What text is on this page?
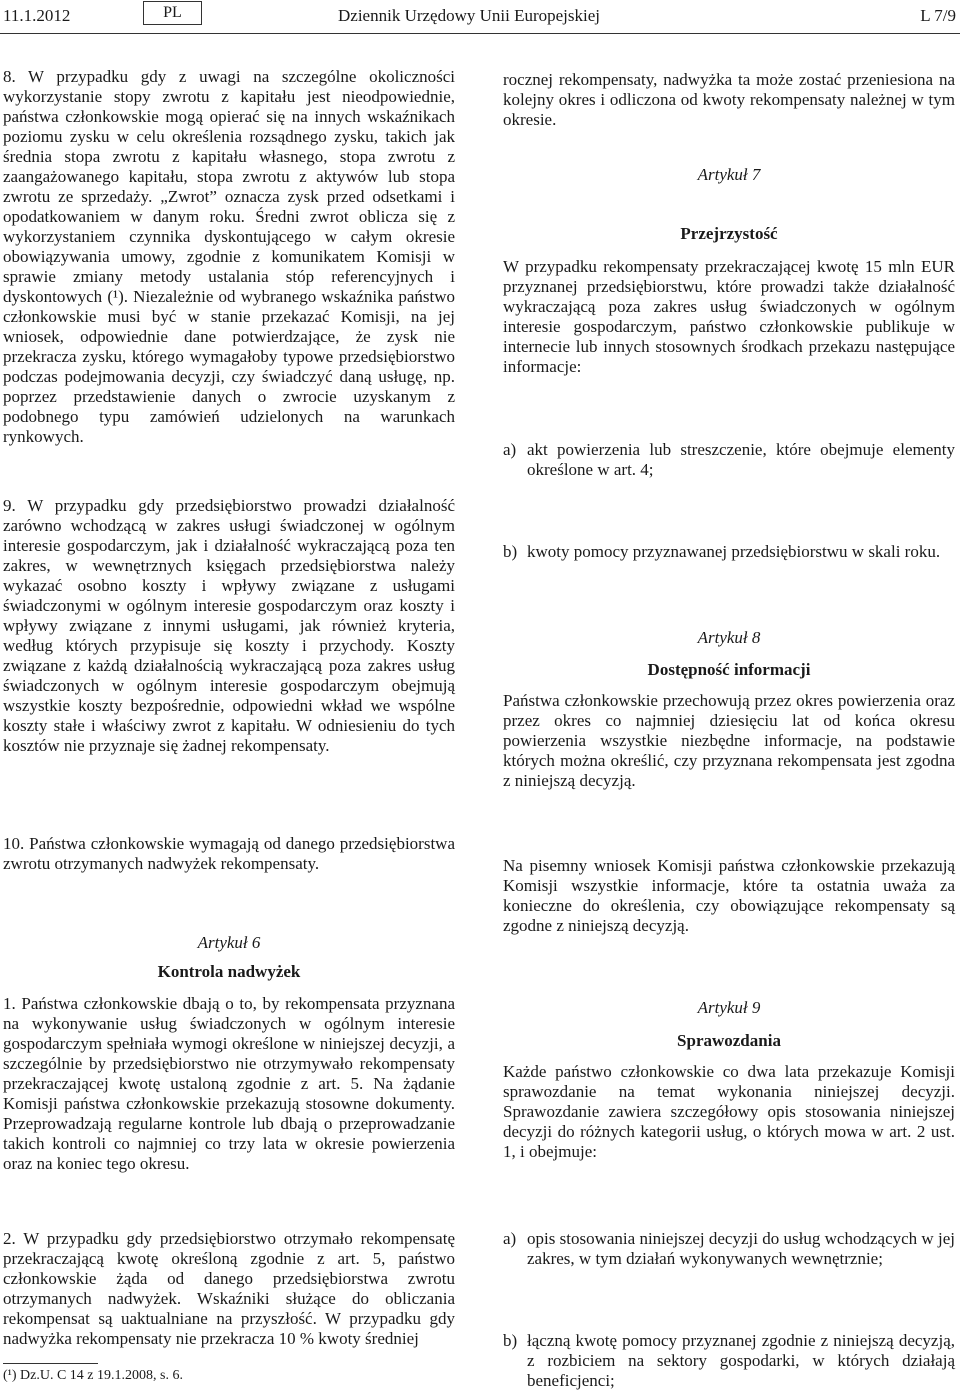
11.1.2012	PL	Dziennik Urzędowy Unii Europejskiej	L 7/9
8. W przypadku gdy z uwagi na szczególne okoliczności wykorzystanie stopy zwrotu z kapitału jest nieodpowiednie, państwa członkowskie mogą opierać się na innych wskaźnikach poziomu zysku w celu określenia rozsądnego zysku, takich jak średnia stopa zwrotu z kapitału własnego, stopa zwrotu z zaangażowanego kapitału, stopa zwrotu z aktywów lub stopa zwrotu ze sprzedaży. „Zwrot” oznacza zysk przed odsetkami i opodatkowaniem w danym roku. Średni zwrot oblicza się z wykorzystaniem czynnika dyskontującego w całym okresie obowiązywania umowy, zgodnie z komunikatem Komisji w sprawie zmiany metody ustalania stóp referencyjnych i dyskontowych (¹). Niezależnie od wybranego wskaźnika państwo członkowskie musi być w stanie przekazać Komisji, na jej wniosek, odpowiednie dane potwierdzające, że zysk nie przekracza zysku, którego wymagałoby typowe przedsiębiorstwo podczas podejmowania decyzji, czy świadczyć daną usługę, np. poprzez przedstawienie danych o zwrocie uzyskanym z podobnego typu zamówień udzielonych na warunkach rynkowych.
9. W przypadku gdy przedsiębiorstwo prowadzi działalność zarówno wchodzącą w zakres usługi świadczonej w ogólnym interesie gospodarczym, jak i działalność wykraczającą poza ten zakres, w wewnętrznych księgach przedsiębiorstwa należy wykazać osobno koszty i wpływy związane z usługami świadczonymi w ogólnym interesie gospodarczym oraz koszty i wpływy związane z innymi usługami, jak również kryteria, według których przypisuje się koszty i przychody. Koszty związane z każdą działalnością wykraczającą poza zakres usług świadczonych w ogólnym interesie gospodarczym obejmują wszystkie koszty bezpośrednie, odpowiedni wkład we wspólne koszty stałe i właściwy zwrot z kapitału. W odniesieniu do tych kosztów nie przyznaje się żadnej rekompensaty.
10. Państwa członkowskie wymagają od danego przedsiębiorstwa zwrotu otrzymanych nadwyżek rekompensaty.
Artykuł 6
Kontrola nadwyżek
1. Państwa członkowskie dbają o to, by rekompensata przyznana na wykonywanie usług świadczonych w ogólnym interesie gospodarczym spełniała wymogi określone w niniejszej decyzji, a szczególnie by przedsiębiorstwo nie otrzymywało rekompensaty przekraczającej kwotę ustaloną zgodnie z art. 5. Na żądanie Komisji państwa członkowskie przekazują stosowne dokumenty. Przeprowadzają regularne kontrole lub dbają o przeprowadzanie takich kontroli co najmniej co trzy lata w okresie powierzenia oraz na koniec tego okresu.
2. W przypadku gdy przedsiębiorstwo otrzymało rekompensatę przekraczającą kwotę określoną zgodnie z art. 5, państwo członkowskie żąda od danego przedsiębiorstwa zwrotu otrzymanych nadwyżek. Wskaźniki służące do obliczania rekompensat są uaktualniane na przyszłość. W przypadku gdy nadwyżka rekompensaty nie przekracza 10 % kwoty średniej
(¹) Dz.U. C 14 z 19.1.2008, s. 6.
rocznej rekompensaty, nadwyżka ta może zostać przeniesiona na kolejny okres i odliczona od kwoty rekompensaty należnej w tym okresie.
Artykuł 7
Przejrzystość
W przypadku rekompensaty przekraczającej kwotę 15 mln EUR przyznanej przedsiębiorstwu, które prowadzi także działalność wykraczającą poza zakres usług świadczonych w ogólnym interesie gospodarczym, państwo członkowskie publikuje w internecie lub innych stosownych środkach przekazu następujące informacje:
a) akt powierzenia lub streszczenie, które obejmuje elementy określone w art. 4;
b) kwoty pomocy przyznawanej przedsiębiorstwu w skali roku.
Artykuł 8
Dostępność informacji
Państwa członkowskie przechowują przez okres powierzenia oraz przez okres co najmniej dziesięciu lat od końca okresu powierzenia wszystkie niezbędne informacje, na podstawie których można określić, czy przyznana rekompensata jest zgodna z niniejszą decyzją.
Na pisemny wniosek Komisji państwa członkowskie przekazują Komisji wszystkie informacje, które ta ostatnia uważa za konieczne do określenia, czy obowiązujące rekompensaty są zgodne z niniejszą decyzją.
Artykuł 9
Sprawozdania
Każde państwo członkowskie co dwa lata przekazuje Komisji sprawozdanie na temat wykonania niniejszej decyzji. Sprawozdanie zawiera szczegółowy opis stosowania niniejszej decyzji do różnych kategorii usług, o których mowa w art. 2 ust. 1, i obejmuje:
a) opis stosowania niniejszej decyzji do usług wchodzących w jej zakres, w tym działań wykonywanych wewnętrznie;
b) łączną kwotę pomocy przyznanej zgodnie z niniejszą decyzją, z rozbiciem na sektory gospodarki, w których działają beneficjenci;
